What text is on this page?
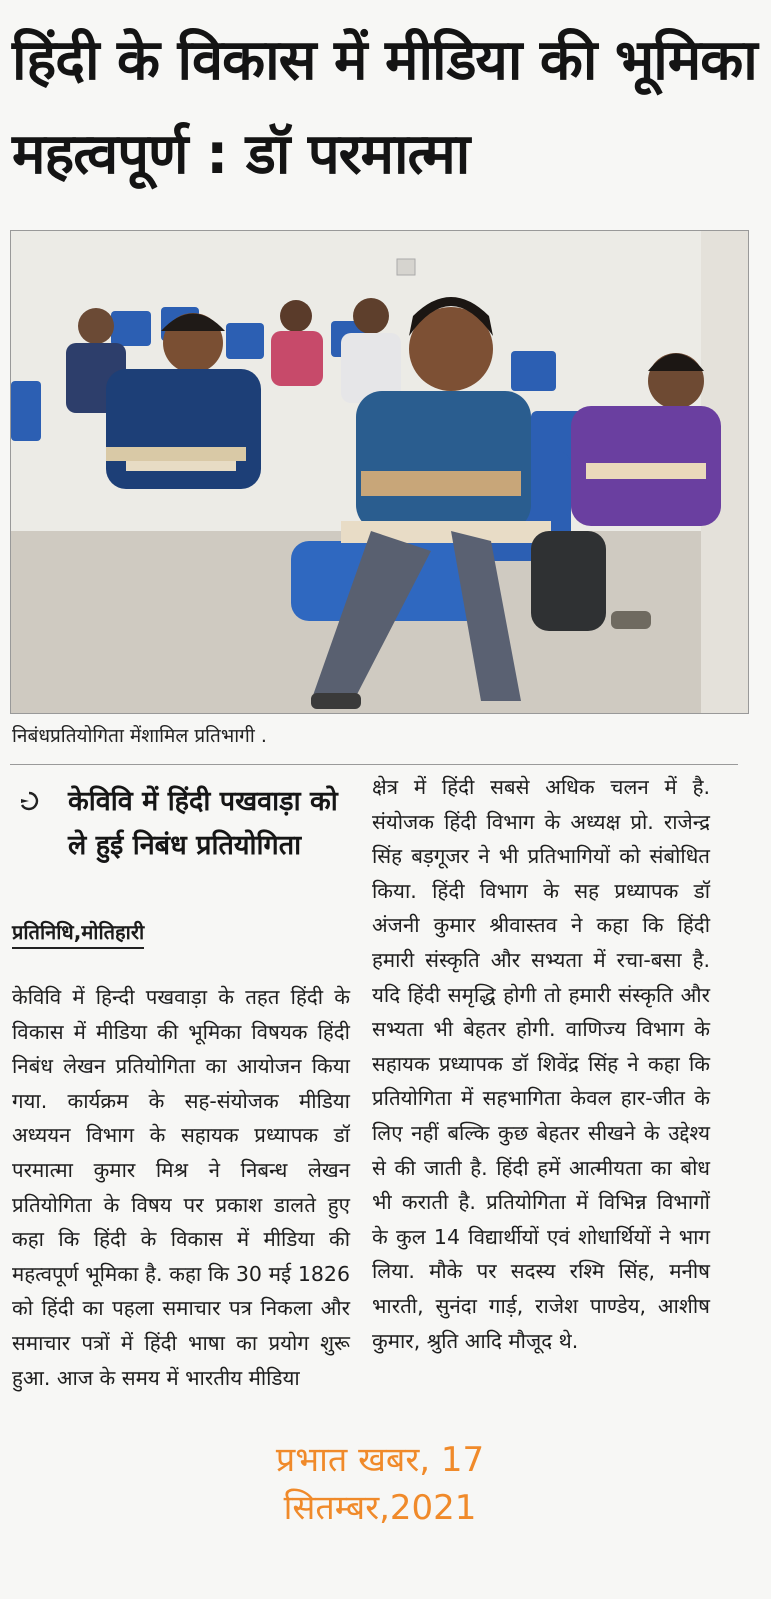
हिंदी के विकास में मीडिया की भूमिका महत्वपूर्ण : डॉ परमात्मा
निबंधप्रतियोगिता मेंशामिल प्रतिभागी .
केविवि में हिंदी पखवाड़ा को ले हुई निबंध प्रतियोगिता
प्रतिनिधि,मोतिहारी

केविवि में हिन्दी पखवाड़ा के तहत हिंदी के विकास में मीडिया की भूमिका विषयक हिंदी निबंध लेखन प्रतियोगिता का आयोजन किया गया. कार्यक्रम के सह-संयोजक मीडिया अध्ययन विभाग के सहायक प्रध्यापक डॉ परमात्मा कुमार मिश्र ने निबन्ध लेखन प्रतियोगिता के विषय पर प्रकाश डालते हुए कहा कि हिंदी के विकास में मीडिया की महत्वपूर्ण भूमिका है. कहा कि 30 मई 1826 को हिंदी का पहला समाचार पत्र निकला और समाचार पत्रों में हिंदी भाषा का प्रयोग शुरू हुआ. आज के समय में भारतीय मीडिया

क्षेत्र में हिंदी सबसे अधिक चलन में है. संयोजक हिंदी विभाग के अध्यक्ष प्रो. राजेन्द्र सिंह बड़गूजर ने भी प्रतिभागियों को संबोधित किया. हिंदी विभाग के सह प्रध्यापक डॉ अंजनी कुमार श्रीवास्तव ने कहा कि हिंदी हमारी संस्कृति और सभ्यता में रचा-बसा है. यदि हिंदी समृद्धि होगी तो हमारी संस्कृति और सभ्यता भी बेहतर होगी. वाणिज्य विभाग के सहायक प्रध्यापक डॉ शिवेंद्र सिंह ने कहा कि प्रतियोगिता में सहभागिता केवल हार-जीत के लिए नहीं बल्कि कुछ बेहतर सीखने के उद्देश्य से की जाती है. हिंदी हमें आत्मीयता का बोध भी कराती है. प्रतियोगिता में विभिन्न विभागों के कुल 14 विद्यार्थीयों एवं शोधार्थियों ने भाग लिया. मौके पर सदस्य रश्मि सिंह, मनीष भारती, सुनंदा गार्ड़, राजेश पाण्डेय, आशीष कुमार, श्रुति आदि मौजूद थे.

प्रभात खबर, 17
सितम्बर,2021
